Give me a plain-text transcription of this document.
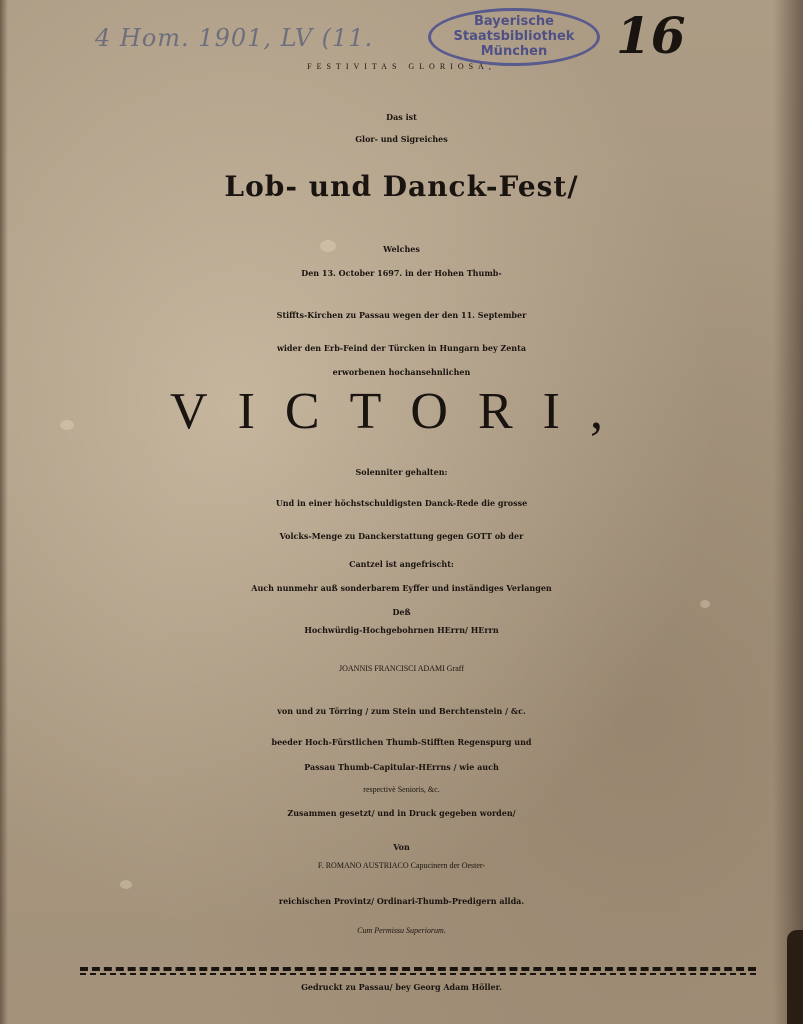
4 Hom. 1901, LV (11.
Bayerische
Staatsbibliothek
München	16
FESTIVITAS GLORIOSA,
Das ist
Glor- und Sigreiches
Lob- und Danck-Fest/
Welches
Den 13. October 1697. in der Hohen Thumb-
Stiffts-Kirchen zu Passau wegen der den 11. September
wider den Erb-Feind der Türcken in Hungarn bey Zenta
erworbenen hochansehnlichen
VICTORI,
Solenniter gehalten:
Und in einer höchstschuldigsten Danck-Rede die grosse
Volcks-Menge zu Danckerstattung gegen GOTT ob der
Cantzel ist angefrischt:
Auch nunmehr auß sonderbarem Eyffer und inständiges Verlangen
Deß
Hochwürdig-Hochgebohrnen HErrn/ HErrn
JOANNIS FRANCISCI ADAMI Graff
von und zu Törring / zum Stein und Berchtenstein / &c.
beeder Hoch-Fürstlichen Thumb-Stifften Regenspurg und
Passau Thumb-Capitular-HErrns / wie auch
respectivè Senioris, &c.
Zusammen gesetzt/ und in Druck gegeben worden/
Von
F. ROMANO AUSTRIACO Capucinern der Oester-
reichischen Provintz/ Ordinari-Thumb-Predigern allda.
Cum Permissu Superiorum.
Gedruckt zu Passau/ bey Georg Adam Höller.
